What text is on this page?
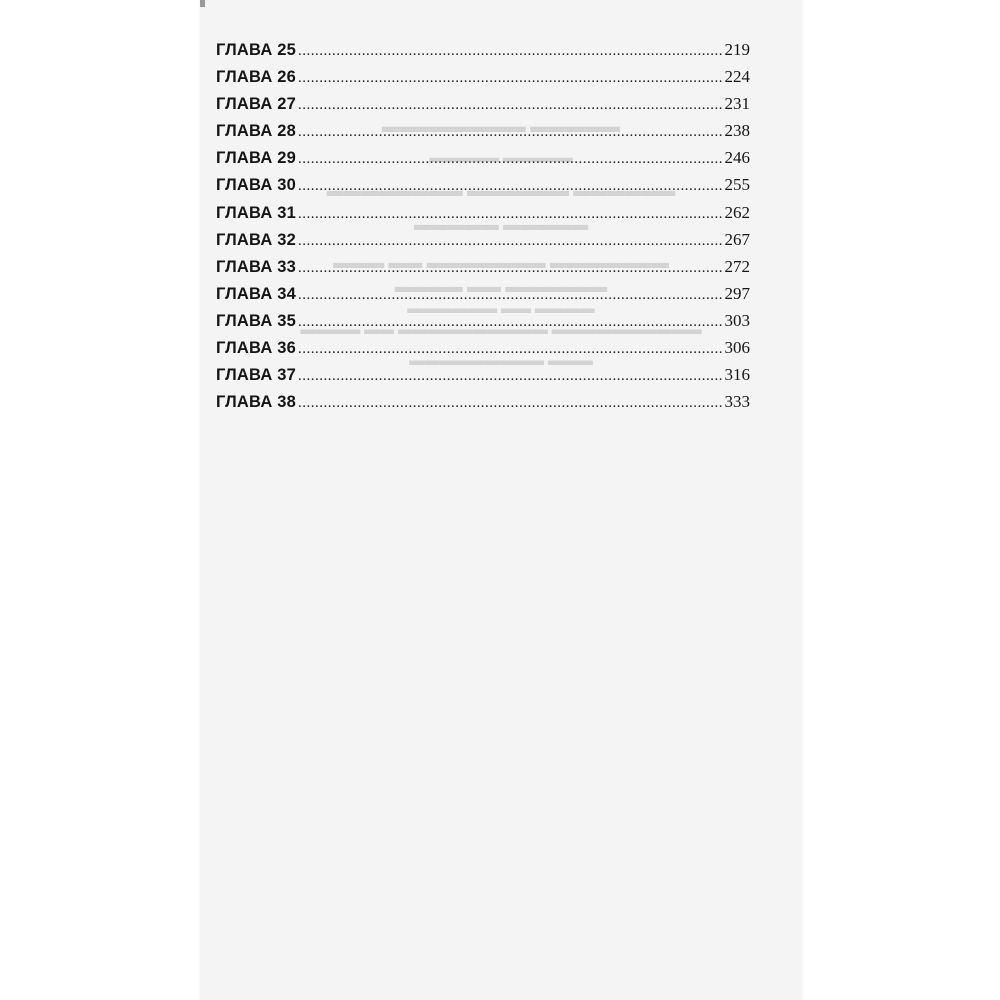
▬▬▬▬▬ ▬▬▬▬▬▬▬▬
▬▬▬▬▬ ▬▬▬▬▬
▬▬▬▬▬▬ ▬▬▬▬▬▬ ▬▬▬▬▬▬▬▬
▬▬▬▬▬ ▬▬▬▬▬
▬▬▬▬▬▬▬ ▬▬▬▬▬▬▬ ▬▬ ▬▬▬
▬▬▬▬▬▬ ▬▬ ▬▬▬▬
▬▬▬▬ ▬▬ ▬▬▬▬▬▬
▬▬▬▬▬▬▬▬▬▬ ▬▬▬▬▬▬▬▬▬▬ ▬▬ ▬▬▬▬
▬▬▬ ▬▬▬▬▬▬▬▬▬
ГЛАВА 25 .....	219
ГЛАВА 26 .....	224
ГЛАВА 27 .....	231
ГЛАВА 28 .....	238
ГЛАВА 29 .....	246
ГЛАВА 30 .....	255
ГЛАВА 31 .....	262
ГЛАВА 32 .....	267
ГЛАВА 33 .....	272
ГЛАВА 34 .....	297
ГЛАВА 35 .....	303
ГЛАВА 36 .....	306
ГЛАВА 37 .....	316
ГЛАВА 38 .....	333
